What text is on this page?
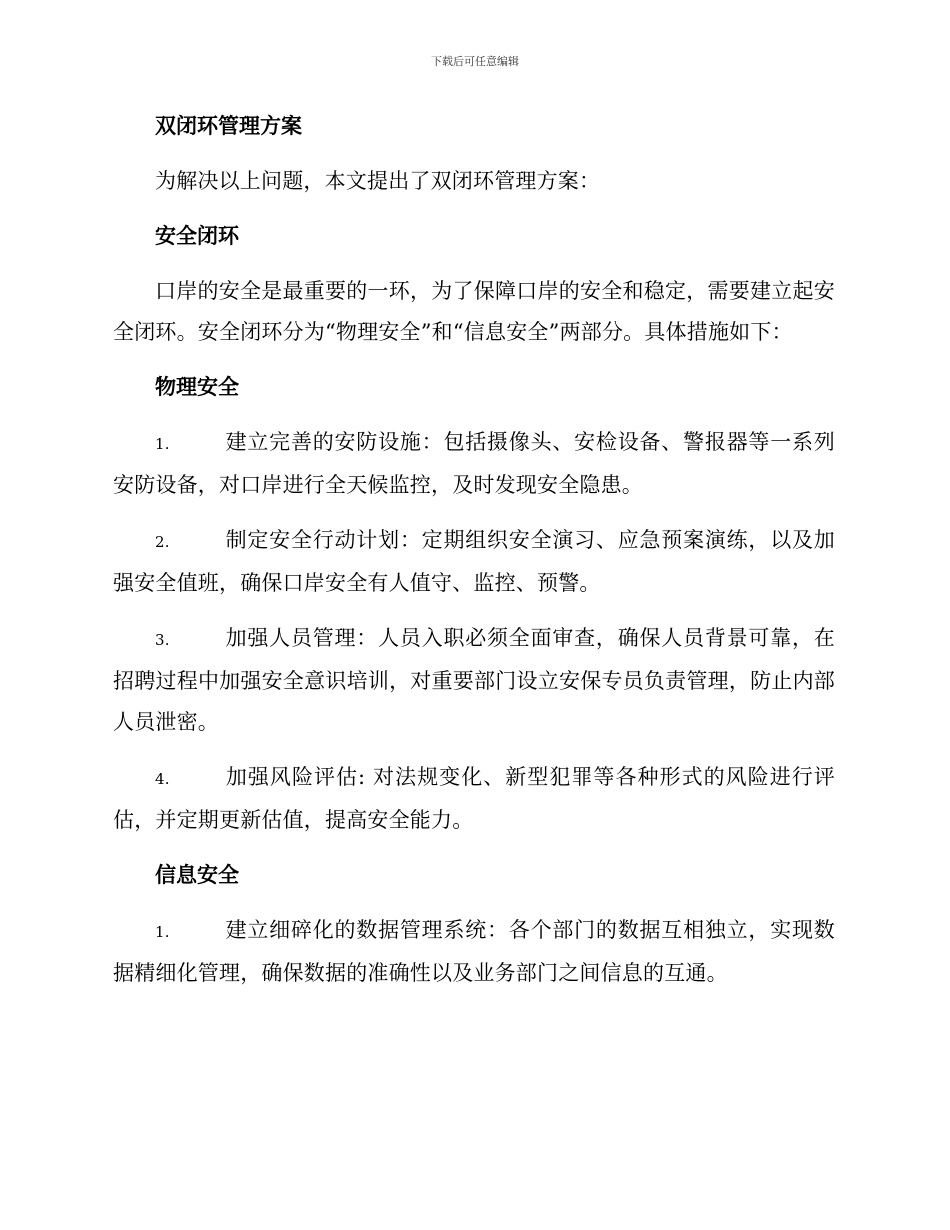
下载后可任意编辑
双闭环管理方案
为解决以上问题，本文提出了双闭环管理方案：
安全闭环
口岸的安全是最重要的一环，为了保障口岸的安全和稳定，需要建立起安全闭环。安全闭环分为“物理安全”和“信息安全”两部分。具体措施如下：
物理安全
1.	建立完善的安防设施：包括摄像头、安检设备、警报器等一系列安防设备，对口岸进行全天候监控，及时发现安全隐患。
2.	制定安全行动计划：定期组织安全演习、应急预案演练，以及加强安全值班，确保口岸安全有人值守、监控、预警。
3.	加强人员管理：人员入职必须全面审查，确保人员背景可靠，在招聘过程中加强安全意识培训，对重要部门设立安保专员负责管理，防止内部人员泄密。
4.	加强风险评估: 对法规变化、新型犯罪等各种形式的风险进行评估，并定期更新估值，提高安全能力。
信息安全
1.	建立细碎化的数据管理系统：各个部门的数据互相独立，实现数据精细化管理，确保数据的准确性以及业务部门之间信息的互通。
